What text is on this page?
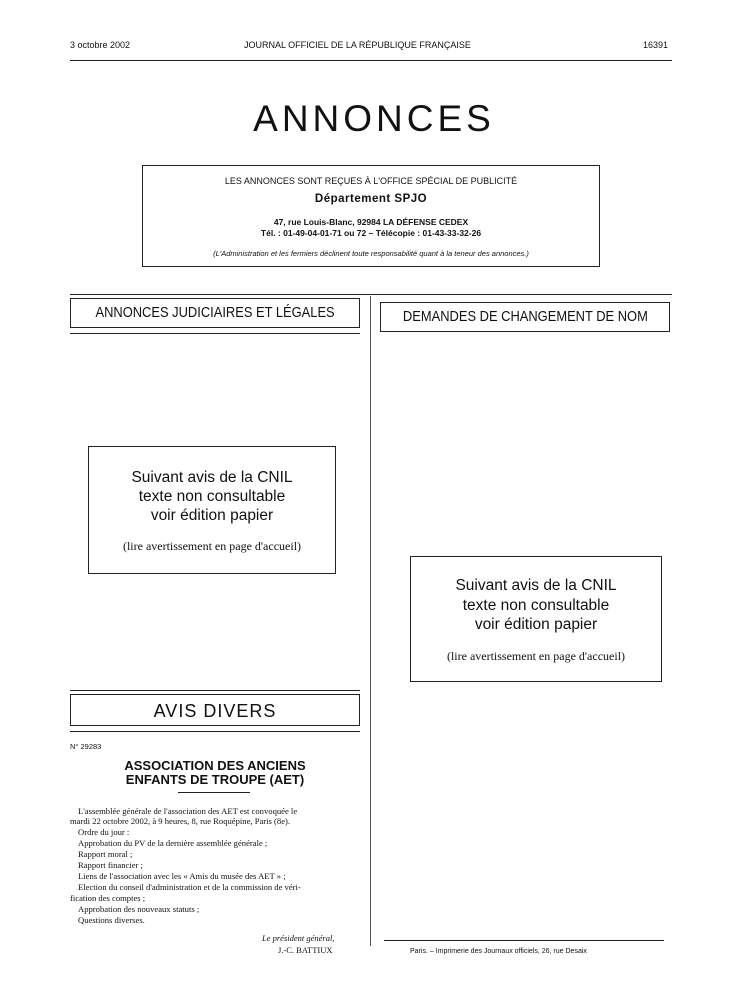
3 octobre 2002	JOURNAL OFFICIEL DE LA RÉPUBLIQUE FRANÇAISE	16391
ANNONCES
LES ANNONCES SONT REÇUES À L'OFFICE SPÉCIAL DE PUBLICITÉ
Département SPJO
47, rue Louis-Blanc, 92984 LA DÉFENSE CEDEX
Tél. : 01-49-04-01-71 ou 72 – Télécopie : 01-43-33-32-26
(L'Administration et les fermiers déclinent toute responsabilité quant à la teneur des annonces.)
ANNONCES JUDICIAIRES ET LÉGALES	DEMANDES DE CHANGEMENT DE NOM
Suivant avis de la CNIL
texte non consultable
voir édition papier
(lire avertissement en page d'accueil)
Suivant avis de la CNIL
texte non consultable
voir édition papier
(lire avertissement en page d'accueil)
AVIS DIVERS
N° 29283
ASSOCIATION DES ANCIENS
ENFANTS DE TROUPE (AET)
L'assemblée générale de l'association des AET est convoquée le
mardi 22 octobre 2002, à 9 heures, 8, rue Roquépine, Paris (8e).
Ordre du jour :
Approbation du PV de la dernière assemblée générale ;
Rapport moral ;
Rapport financier ;
Liens de l'association avec les « Amis du musée des AET » ;
Election du conseil d'administration et de la commission de véri-
fication des comptes ;
Approbation des nouveaux statuts ;
Questions diverses.
Le président général,
J.-C. BATTIUX	Paris. – Imprimerie des Journaux officiels, 26, rue Desaix
